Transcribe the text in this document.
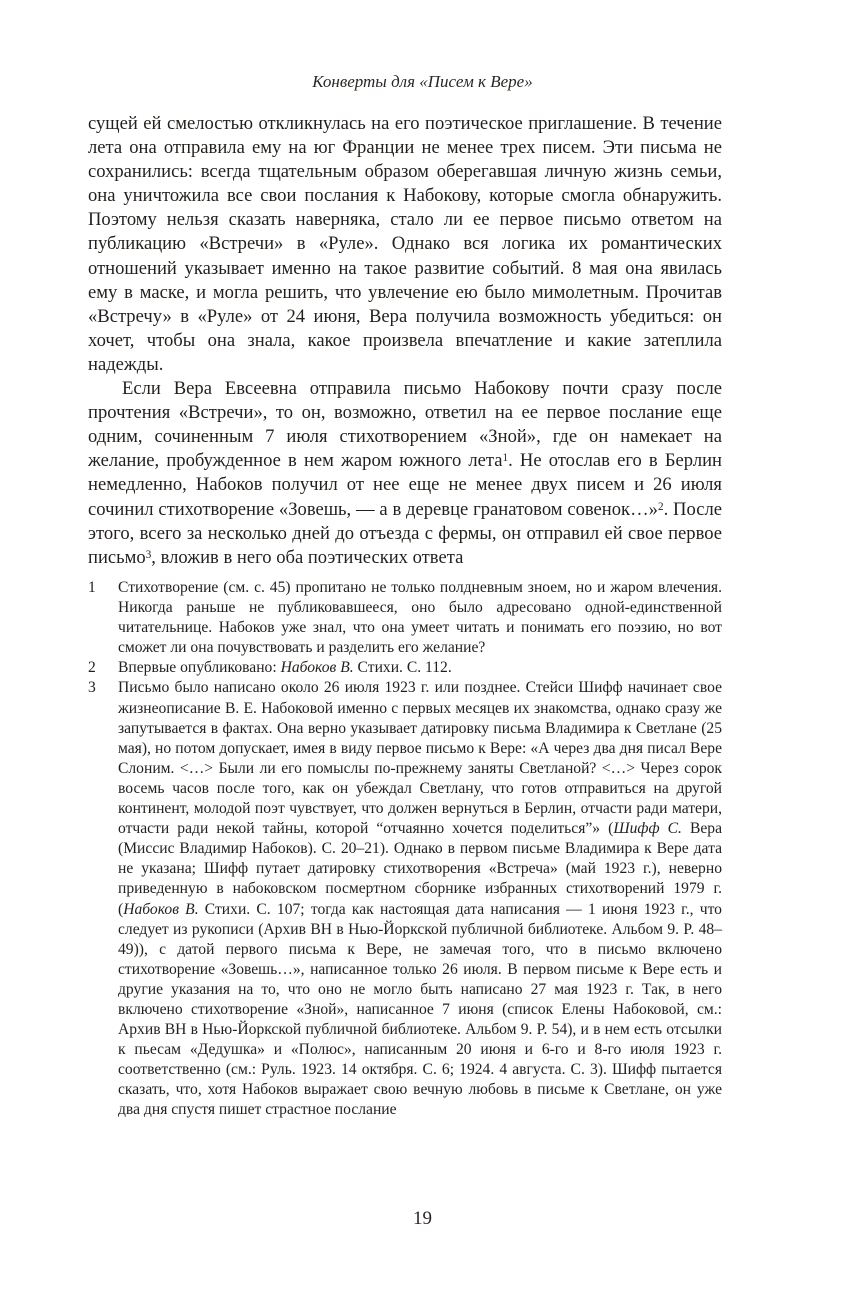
Конверты для «Писем к Вере»

сущей ей смелостью откликнулась на его поэтическое приглашение. В течение лета она отправила ему на юг Франции не менее трех писем. Эти письма не сохранились: всегда тщательным образом оберегавшая личную жизнь семьи, она уничтожила все свои послания к Набокову, которые смогла обнаружить. Поэтому нельзя сказать наверняка, стало ли ее первое письмо ответом на публикацию «Встречи» в «Руле». Однако вся логика их романтических отношений указывает именно на такое развитие событий. 8 мая она явилась ему в маске, и могла решить, что увлечение ею было мимолетным. Прочитав «Встречу» в «Руле» от 24 июня, Вера получила возможность убедиться: он хочет, чтобы она знала, какое произвела впечатление и какие затеплила надежды.

Если Вера Евсеевна отправила письмо Набокову почти сразу после прочтения «Встречи», то он, возможно, ответил на ее первое послание еще одним, сочиненным 7 июля стихотворением «Зной», где он намекает на желание, пробужденное в нем жаром южного лета$^1$. Не отослав его в Берлин немедленно, Набоков получил от нее еще не менее двух писем и 26 июля сочинил стихотворение «Зовешь, — а в деревце гранатовом совенок…»$^2$. После этого, всего за несколько дней до отъезда с фермы, он отправил ей свое первое письмо$^3$, вложив в него оба поэтических ответа

1	Стихотворение (см. с. 45) пропитано не только полдневным зноем, но и жаром влечения. Никогда раньше не публиковавшееся, оно было адресовано одной-единственной читательнице. Набоков уже знал, что она умеет читать и понимать его поэзию, но вот сможет ли она почувствовать и разделить его желание?

2	Впервые опубликовано: Набоков В. Стихи. С. 112.

3	Письмо было написано около 26 июля 1923 г. или позднее. Стейси Шифф начинает свое жизнеописание В. Е. Набоковой именно с первых месяцев их знакомства, однако сразу же запутывается в фактах. Она верно указывает датировку письма Владимира к Светлане (25 мая), но потом допускает, имея в виду первое письмо к Вере: «А через два дня писал Вере Слоним. <…> Были ли его помыслы по-прежнему заняты Светланой? <…> Через сорок восемь часов после того, как он убеждал Светлану, что готов отправиться на другой континент, молодой поэт чувствует, что должен вернуться в Берлин, отчасти ради матери, отчасти ради некой тайны, которой “отчаянно хочется поделиться”» (Шифф С. Вера (Миссис Владимир Набоков). С. 20–21). Однако в первом письме Владимира к Вере дата не указана; Шифф путает датировку стихотворения «Встреча» (май 1923 г.), неверно приведенную в набоковском посмертном сборнике избранных стихотворений 1979 г. (Набоков В. Стихи. С. 107; тогда как настоящая дата написания — 1 июня 1923 г., что следует из рукописи (Архив ВН в Нью-Йоркской публичной библиотеке. Альбом 9. P. 48–49)), с датой первого письма к Вере, не замечая того, что в письмо включено стихотворение «Зовешь…», написанное только 26 июля. В первом письме к Вере есть и другие указания на то, что оно не могло быть написано 27 мая 1923 г. Так, в него включено стихотворение «Зной», написанное 7 июня (список Елены Набоковой, см.: Архив ВН в Нью-Йоркской публичной библиотеке. Альбом 9. P. 54), и в нем есть отсылки к пьесам «Дедушка» и «Полюс», написанным 20 июня и 6-го и 8-го июля 1923 г. соответственно (см.: Руль. 1923. 14 октября. С. 6; 1924. 4 августа. С. 3). Шифф пытается сказать, что, хотя Набоков выражает свою вечную любовь в письме к Светлане, он уже два дня спустя пишет страстное послание

19
